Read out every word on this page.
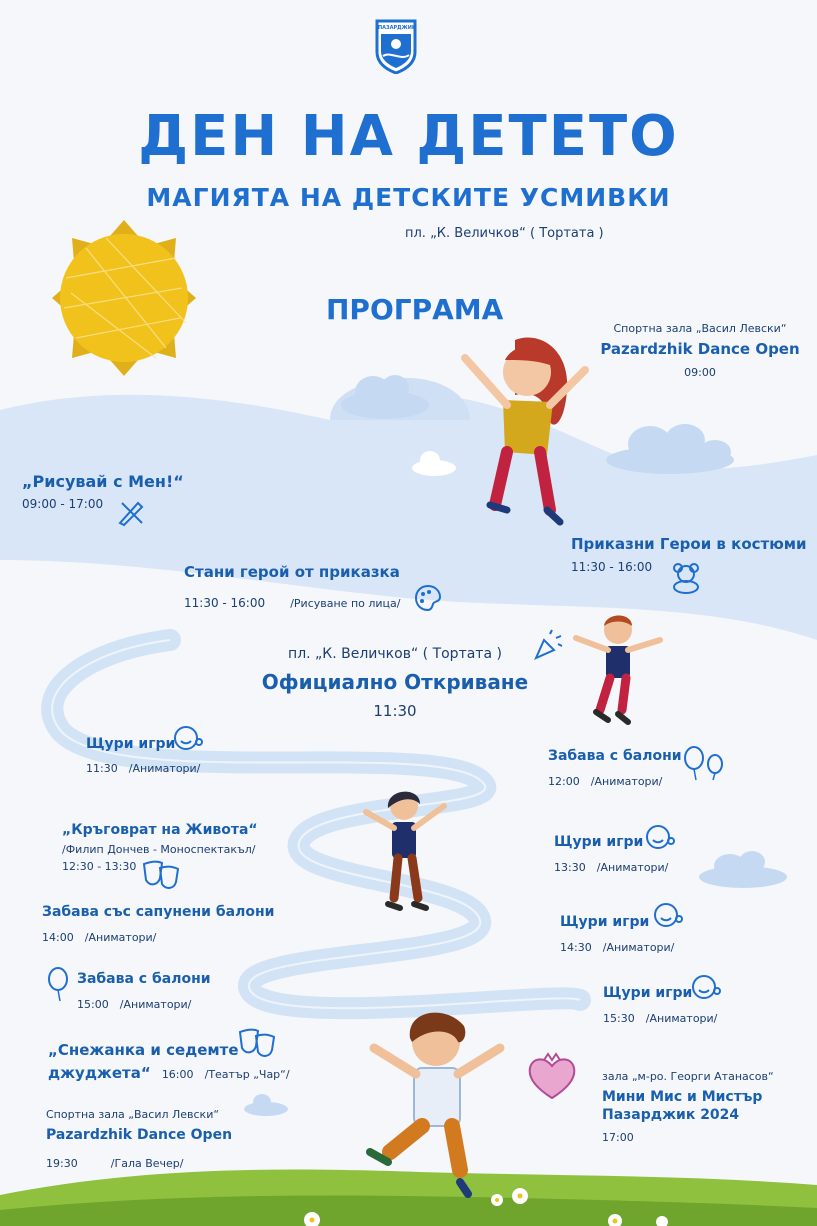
ПАЗАРДЖИК
ДЕН НА ДЕТЕТО
МАГИЯТА НА ДЕТСКИТЕ УСМИВКИ
пл. „К. Величков“ ( Тортата )
ПРОГРАМА
Спортна зала „Васил Левски“
Pazardzhik Dance Open
09:00
„Рисувай с Мен!“
09:00 - 17:00
Приказни Герои в костюми
11:30 - 16:00
Стани герой от приказка
11:30 - 16:00 /Рисуване по лица/
пл. „К. Величков“ ( Тортата )
Официално Откриване
11:30
Щури игри
11:30 /Аниматори/
Забава с балони
12:00 /Аниматори/
„Кръговрат на Живота“
/Филип Дончев - Моноспектакъл/
12:30 - 13:30
Щури игри
13:30 /Аниматори/
Забава със сапунени балони
14:00 /Аниматори/
Щури игри
14:30 /Аниматори/
Забава с балони
15:00 /Аниматори/
Щури игри
15:30 /Аниматори/
„Снежанка и седемте
джуджета“ 16:00 /Театър „Чар“/	зала „м-ро. Георги Атанасов“
Мини Мис и Мистър
Пазарджик 2024
17:00
Спортна зала „Васил Левски“
Pazardzhik Dance Open
19:30	/Гала Вечер/
